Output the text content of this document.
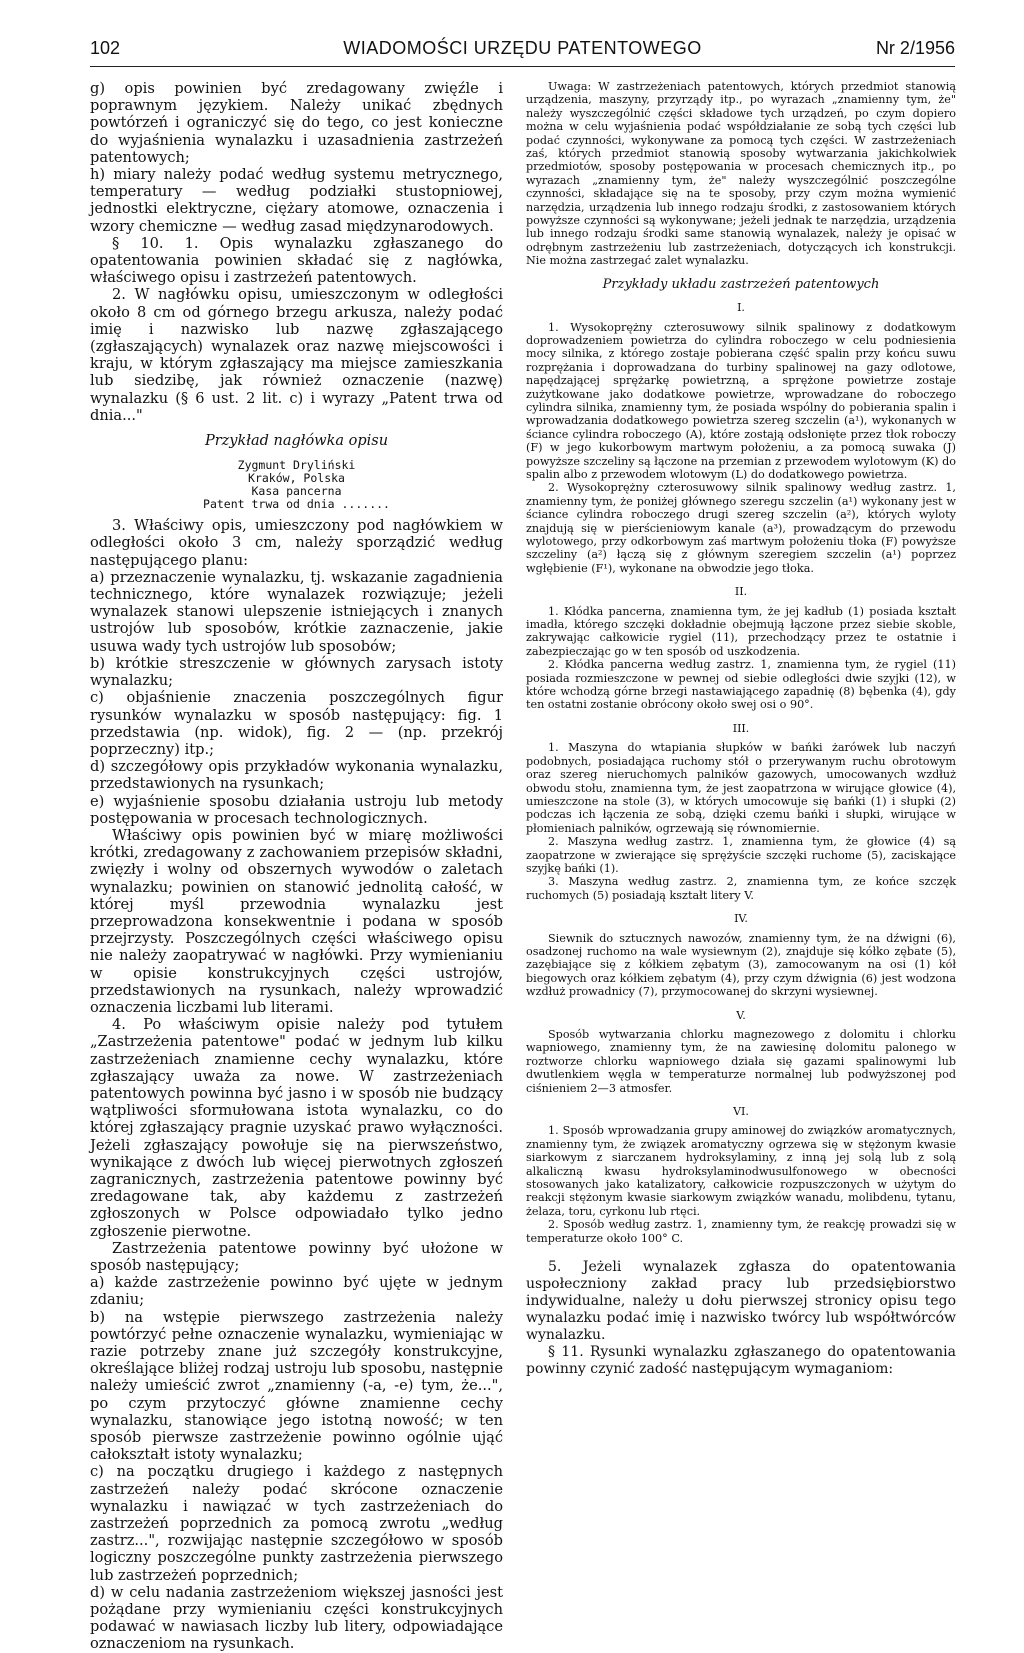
102	WIADOMOŚCI URZĘDU PATENTOWEGO	Nr 2/1956

g) opis powinien być zredagowany zwięźle i poprawnym językiem. Należy unikać zbędnych powtórzeń i ograniczyć się do tego, co jest konieczne do wyjaśnienia wynalazku i uzasadnienia zastrzeżeń patentowych;

h) miary należy podać według systemu metrycznego, temperatury — według podziałki stustopniowej, jednostki elektryczne, ciężary atomowe, oznaczenia i wzory chemiczne — według zasad międzynarodowych.

§ 10. 1. Opis wynalazku zgłaszanego do opatentowania powinien składać się z nagłówka, właściwego opisu i zastrzeżeń patentowych.

2. W nagłówku opisu, umieszczonym w odległości około 8 cm od górnego brzegu arkusza, należy podać imię i nazwisko lub nazwę zgłaszającego (zgłaszających) wynalazek oraz nazwę miejscowości i kraju, w którym zgłaszający ma miejsce zamieszkania lub siedzibę, jak również oznaczenie (nazwę) wynalazku (§ 6 ust. 2 lit. c) i wyrazy „Patent trwa od dnia..."

Przykład nagłówka opisu

Zygmunt Dryliński
Kraków, Polska
Kasa pancerna
Patent trwa od dnia .......

3. Właściwy opis, umieszczony pod nagłówkiem w odległości około 3 cm, należy sporządzić według następującego planu:

a) przeznaczenie wynalazku, tj. wskazanie zagadnienia technicznego, które wynalazek rozwiązuje; jeżeli wynalazek stanowi ulepszenie istniejących i znanych ustrojów lub sposobów, krótkie zaznaczenie, jakie usuwa wady tych ustrojów lub sposobów;

b) krótkie streszczenie w głównych zarysach istoty wynalazku;

c) objaśnienie znaczenia poszczególnych figur rysunków wynalazku w sposób następujący: fig. 1 przedstawia (np. widok), fig. 2 — (np. przekrój poprzeczny) itp.;

d) szczegółowy opis przykładów wykonania wynalazku, przedstawionych na rysunkach;

e) wyjaśnienie sposobu działania ustroju lub metody postępowania w procesach technologicznych.

Właściwy opis powinien być w miarę możliwości krótki, zredagowany z zachowaniem przepisów składni, zwięzły i wolny od obszernych wywodów o zaletach wynalazku; powinien on stanowić jednolitą całość, w której myśl przewodnia wynalazku jest przeprowadzona konsekwentnie i podana w sposób przejrzysty. Poszczególnych części właściwego opisu nie należy zaopatrywać w nagłówki. Przy wymienianiu w opisie konstrukcyjnych części ustrojów, przedstawionych na rysunkach, należy wprowadzić oznaczenia liczbami lub literami.

4. Po właściwym opisie należy pod tytułem „Zastrzeżenia patentowe" podać w jednym lub kilku zastrzeżeniach znamienne cechy wynalazku, które zgłaszający uważa za nowe. W zastrzeżeniach patentowych powinna być jasno i w sposób nie budzący wątpliwości sformułowana istota wynalazku, co do której zgłaszający pragnie uzyskać prawo wyłączności. Jeżeli zgłaszający powołuje się na pierwszeństwo, wynikające z dwóch lub więcej pierwotnych zgłoszeń zagranicznych, zastrzeżenia patentowe powinny być zredagowane tak, aby każdemu z zastrzeżeń zgłoszonych w Polsce odpowiadało tylko jedno zgłoszenie pierwotne.

Zastrzeżenia patentowe powinny być ułożone w sposób następujący;

a) każde zastrzeżenie powinno być ujęte w jednym zdaniu;

b) na wstępie pierwszego zastrzeżenia należy powtórzyć pełne oznaczenie wynalazku, wymieniając w razie potrzeby znane już szczegóły konstrukcyjne, określające bliżej rodzaj ustroju lub sposobu, następnie należy umieścić zwrot „znamienny (-a, -e) tym, że...", po czym przytoczyć główne znamienne cechy wynalazku, stanowiące jego istotną nowość; w ten sposób pierwsze zastrzeżenie powinno ogólnie ująć całokształt istoty wynalazku;

c) na początku drugiego i każdego z następnych zastrzeżeń należy podać skrócone oznaczenie wynalazku i nawiązać w tych zastrzeżeniach do zastrzeżeń poprzednich za pomocą zwrotu „według zastrz...", rozwijając następnie szczegółowo w sposób logiczny poszczególne punkty zastrzeżenia pierwszego lub zastrzeżeń poprzednich;

d) w celu nadania zastrzeżeniom większej jasności jest pożądane przy wymienianiu części konstrukcyjnych podawać w nawiasach liczby lub litery, odpowiadające oznaczeniom na rysunkach.

Uwaga: W zastrzeżeniach patentowych, których przedmiot stanowią urządzenia, maszyny, przyrządy itp., po wyrazach „znamienny tym, że" należy wyszczególnić części składowe tych urządzeń, po czym dopiero można w celu wyjaśnienia podać współdziałanie ze sobą tych części lub podać czynności, wykonywane za pomocą tych części. W zastrzeżeniach zaś, których przedmiot stanowią sposoby wytwarzania jakichkolwiek przedmiotów, sposoby postępowania w procesach chemicznych itp., po wyrazach „znamienny tym, że" należy wyszczególnić poszczególne czynności, składające się na te sposoby, przy czym można wymienić narzędzia, urządzenia lub innego rodzaju środki, z zastosowaniem których powyższe czynności są wykonywane; jeżeli jednak te narzędzia, urządzenia lub innego rodzaju środki same stanowią wynalazek, należy je opisać w odrębnym zastrzeżeniu lub zastrzeżeniach, dotyczących ich konstrukcji. Nie można zastrzegać zalet wynalazku.

Przykłady układu zastrzeżeń patentowych

I.

1. Wysokoprężny czterosuwowy silnik spalinowy z dodatkowym doprowadzeniem powietrza do cylindra roboczego w celu podniesienia mocy silnika, z którego zostaje pobierana część spalin przy końcu suwu rozprężania i doprowadzana do turbiny spalinowej na gazy odlotowe, napędzającej sprężarkę powietrzną, a sprężone powietrze zostaje zużytkowane jako dodatkowe powietrze, wprowadzane do roboczego cylindra silnika, znamienny tym, że posiada wspólny do pobierania spalin i wprowadzania dodatkowego powietrza szereg szczelin (a¹), wykonanych w ściance cylindra roboczego (A), które zostają odsłonięte przez tłok roboczy (F) w jego kukorbowym martwym położeniu, a za pomocą suwaka (J) powyższe szczeliny są łączone na przemian z przewodem wylotowym (K) do spalin albo z przewodem wlotowym (L) do dodatkowego powietrza.

2. Wysokoprężny czterosuwowy silnik spalinowy według zastrz. 1, znamienny tym, że poniżej głównego szeregu szczelin (a¹) wykonany jest w ściance cylindra roboczego drugi szereg szczelin (a²), których wyloty znajdują się w pierścieniowym kanale (a³), prowadzącym do przewodu wylotowego, przy odkorbowym zaś martwym położeniu tłoka (F) powyższe szczeliny (a²) łączą się z głównym szeregiem szczelin (a¹) poprzez wgłębienie (F¹), wykonane na obwodzie jego tłoka.

II.

1. Kłódka pancerna, znamienna tym, że jej kadłub (1) posiada kształt imadła, którego szczęki dokładnie obejmują łączone przez siebie skoble, zakrywając całkowicie rygiel (11), przechodzący przez te ostatnie i zabezpieczając go w ten sposób od uszkodzenia.

2. Kłódka pancerna według zastrz. 1, znamienna tym, że rygiel (11) posiada rozmieszczone w pewnej od siebie odległości dwie szyjki (12), w które wchodzą górne brzegi nastawiającego zapadnię (8) bębenka (4), gdy ten ostatni zostanie obrócony około swej osi o 90°.

III.

1. Maszyna do wtapiania słupków w bańki żarówek lub naczyń podobnych, posiadająca ruchomy stół o przerywanym ruchu obrotowym oraz szereg nieruchomych palników gazowych, umocowanych wzdłuż obwodu stołu, znamienna tym, że jest zaopatrzona w wirujące głowice (4), umieszczone na stole (3), w których umocowuje się bańki (1) i słupki (2) podczas ich łączenia ze sobą, dzięki czemu bańki i słupki, wirujące w płomieniach palników, ogrzewają się równomiernie.

2. Maszyna według zastrz. 1, znamienna tym, że głowice (4) są zaopatrzone w zwierające się sprężyście szczęki ruchome (5), zaciskające szyjkę bańki (1).

3. Maszyna według zastrz. 2, znamienna tym, ze końce szczęk ruchomych (5) posiadają kształt litery V.

IV.

Siewnik do sztucznych nawozów, znamienny tym, że na dźwigni (6), osadzonej ruchomo na wale wysiewnym (2), znajduje się kółko zębate (5), zazębiające się z kółkiem zębatym (3), zamocowanym na osi (1) kół biegowych oraz kółkiem zębatym (4), przy czym dźwignia (6) jest wodzona wzdłuż prowadnicy (7), przymocowanej do skrzyni wysiewnej.

V.

Sposób wytwarzania chlorku magnezowego z dolomitu i chlorku wapniowego, znamienny tym, że na zawiesinę dolomitu palonego w roztworze chlorku wapniowego działa się gazami spalinowymi lub dwutlenkiem węgla w temperaturze normalnej lub podwyższonej pod ciśnieniem 2—3 atmosfer.

VI.

1. Sposób wprowadzania grupy aminowej do związków aromatycznych, znamienny tym, że związek aromatyczny ogrzewa się w stężonym kwasie siarkowym z siarczanem hydroksylaminy, z inną jej solą lub z solą alkaliczną kwasu hydroksylaminodwusulfonowego w obecności stosowanych jako katalizatory, całkowicie rozpuszczonych w użytym do reakcji stężonym kwasie siarkowym związków wanadu, molibdenu, tytanu, żelaza, toru, cyrkonu lub rtęci.

2. Sposób według zastrz. 1, znamienny tym, że reakcję prowadzi się w temperaturze około 100° C.

5. Jeżeli wynalazek zgłasza do opatentowania uspołeczniony zakład pracy lub przedsiębiorstwo indywidualne, należy u dołu pierwszej stronicy opisu tego wynalazku podać imię i nazwisko twórcy lub współtwórców wynalazku.

§ 11. Rysunki wynalazku zgłaszanego do opatentowania powinny czynić zadość następującym wymaganiom:
